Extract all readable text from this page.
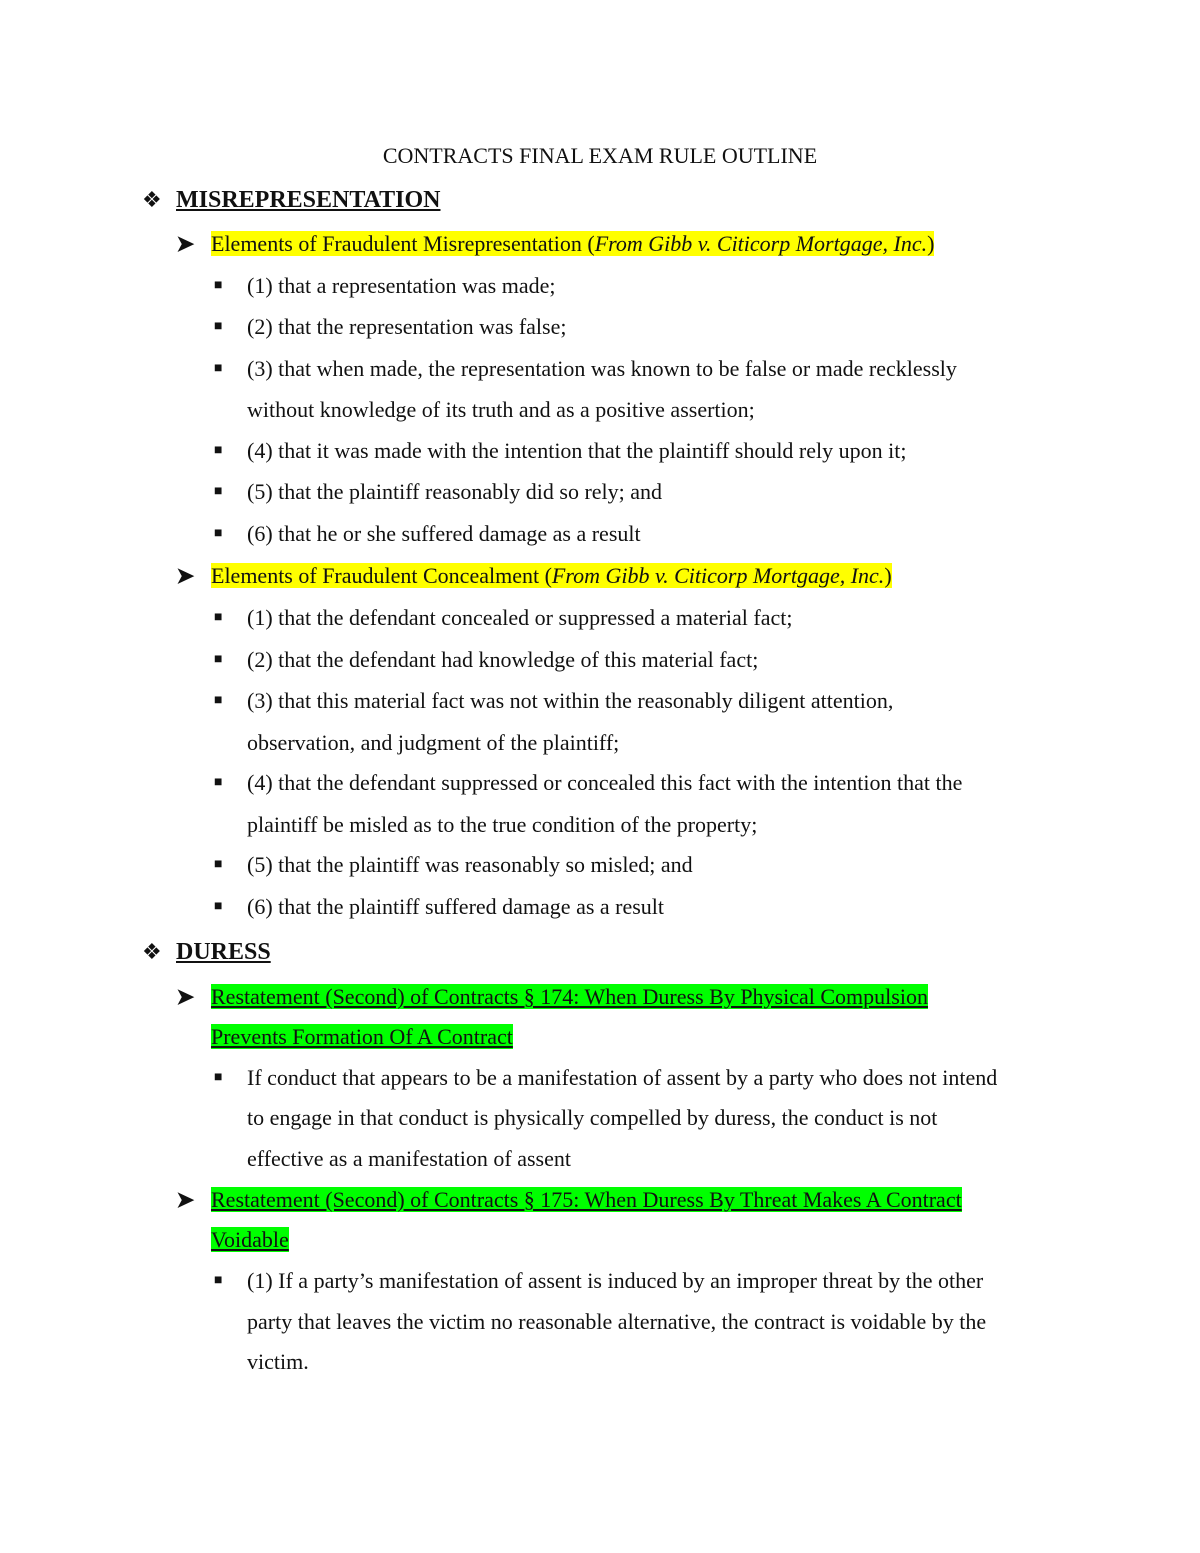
CONTRACTS FINAL EXAM RULE OUTLINE
❖ MISREPRESENTATION
➤ Elements of Fraudulent Misrepresentation (From Gibb v. Citicorp Mortgage, Inc.)
■ (1) that a representation was made;
■ (2) that the representation was false;
■ (3) that when made, the representation was known to be false or made recklessly
without knowledge of its truth and as a positive assertion;
■ (4) that it was made with the intention that the plaintiff should rely upon it;
■ (5) that the plaintiff reasonably did so rely; and
■ (6) that he or she suffered damage as a result
➤ Elements of Fraudulent Concealment (From Gibb v. Citicorp Mortgage, Inc.)
■ (1) that the defendant concealed or suppressed a material fact;
■ (2) that the defendant had knowledge of this material fact;
■ (3) that this material fact was not within the reasonably diligent attention,
observation, and judgment of the plaintiff;
■ (4) that the defendant suppressed or concealed this fact with the intention that the
plaintiff be misled as to the true condition of the property;
■ (5) that the plaintiff was reasonably so misled; and
■ (6) that the plaintiff suffered damage as a result
❖ DURESS
➤ Restatement (Second) of Contracts § 174: When Duress By Physical Compulsion
Prevents Formation Of A Contract
■ If conduct that appears to be a manifestation of assent by a party who does not intend
to engage in that conduct is physically compelled by duress, the conduct is not
effective as a manifestation of assent
➤ Restatement (Second) of Contracts § 175: When Duress By Threat Makes A Contract
Voidable
■ (1) If a party’s manifestation of assent is induced by an improper threat by the other
party that leaves the victim no reasonable alternative, the contract is voidable by the
victim.
